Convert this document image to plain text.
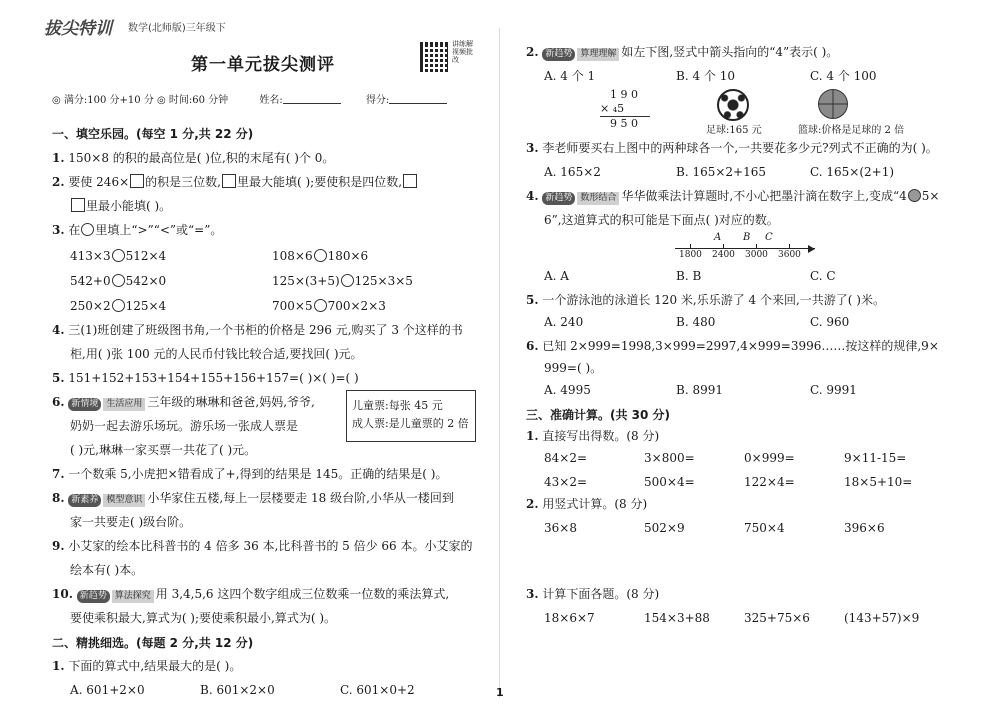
拔尖特训 数学(北师版)三年级下
第一单元拔尖测评
讲练解视频批改
◎ 满分:100 分+10 分 ◎ 时间:60 分钟	姓名:	得分:
一、填空乐园。(每空 1 分,共 22 分)
1. 150×8 的积的最高位是( )位,积的末尾有( )个 0。
2. 要使 246× 的积是三位数, 里最大能填( );要使积是四位数,
里最小能填( )。
3. 在 里填上“>”“<”或“=”。
413×3 512×4	108×6 180×6
542+0 542×0	125×(3+5) 125×3×5
250×2 125×4	700×5 700×2×3
4. 三(1)班创建了班级图书角,一个书柜的价格是 296 元,购买了 3 个这样的书
柜,用( )张 100 元的人民币付钱比较合适,要找回( )元。
5. 151+152+153+154+155+156+157=( )×( )=( )
6. 新情境 生活应用 三年级的琳琳和爸爸,妈妈,爷爷,
奶奶一起去游乐场玩。游乐场一张成人票是
( )元,琳琳一家买票一共花了( )元。
儿童票:每张 45 元
成人票:是儿童票的 2 倍
7. 一个数乘 5,小虎把×错看成了+,得到的结果是 145。正确的结果是( )。
8. 新素养 模型意识 小华家住五楼,每上一层楼要走 18 级台阶,小华从一楼回到
家一共要走( )级台阶。
9. 小艾家的绘本比科普书的 4 倍多 36 本,比科普书的 5 倍少 66 本。小艾家的
绘本有( )本。
10. 新趋势 算法探究 用 3,4,5,6 这四个数字组成三位数乘一位数的乘法算式,
要使乘积最大,算式为( );要使乘积最小,算式为( )。
二、精挑细选。(每题 2 分,共 12 分)
1. 下面的算式中,结果最大的是( )。
A. 601+2×0	B. 601×2×0	C. 601×0+2
2. 新趋势 算理理解 如左下图,竖式中箭头指向的“4”表示( )。
A. 4 个 1	B. 4 个 10	C. 4 个 100
1 9 0
× ₄5
9 5 0
足球:165 元	篮球:价格是足球的 2 倍
3. 李老师要买右上图中的两种球各一个,一共要花多少元?列式不正确的为( )。
A. 165×2	B. 165×2+165	C. 165×(2+1)
4. 新趋势 数形结合 华华做乘法计算题时,不小心把墨汁滴在数字上,变成“4 5×
6”,这道算式的积可能是下面点( )对应的数。
A B C
1800 2400 3000 3600
A. A	B. B	C. C
5. 一个游泳池的泳道长 120 米,乐乐游了 4 个来回,一共游了( )米。
A. 240	B. 480	C. 960
6. 已知 2×999=1998,3×999=2997,4×999=3996……按这样的规律,9×
999=( )。
A. 4995	B. 8991	C. 9991
三、准确计算。(共 30 分)
1. 直接写出得数。(8 分)
84×2=	3×800=	0×999=	9×11-15=
43×2=	500×4=	122×4=	18×5+10=
2. 用竖式计算。(8 分)
36×8	502×9	750×4	396×6
3. 计算下面各题。(8 分)
18×6×7	154×3+88	325+75×6	(143+57)×9
1
